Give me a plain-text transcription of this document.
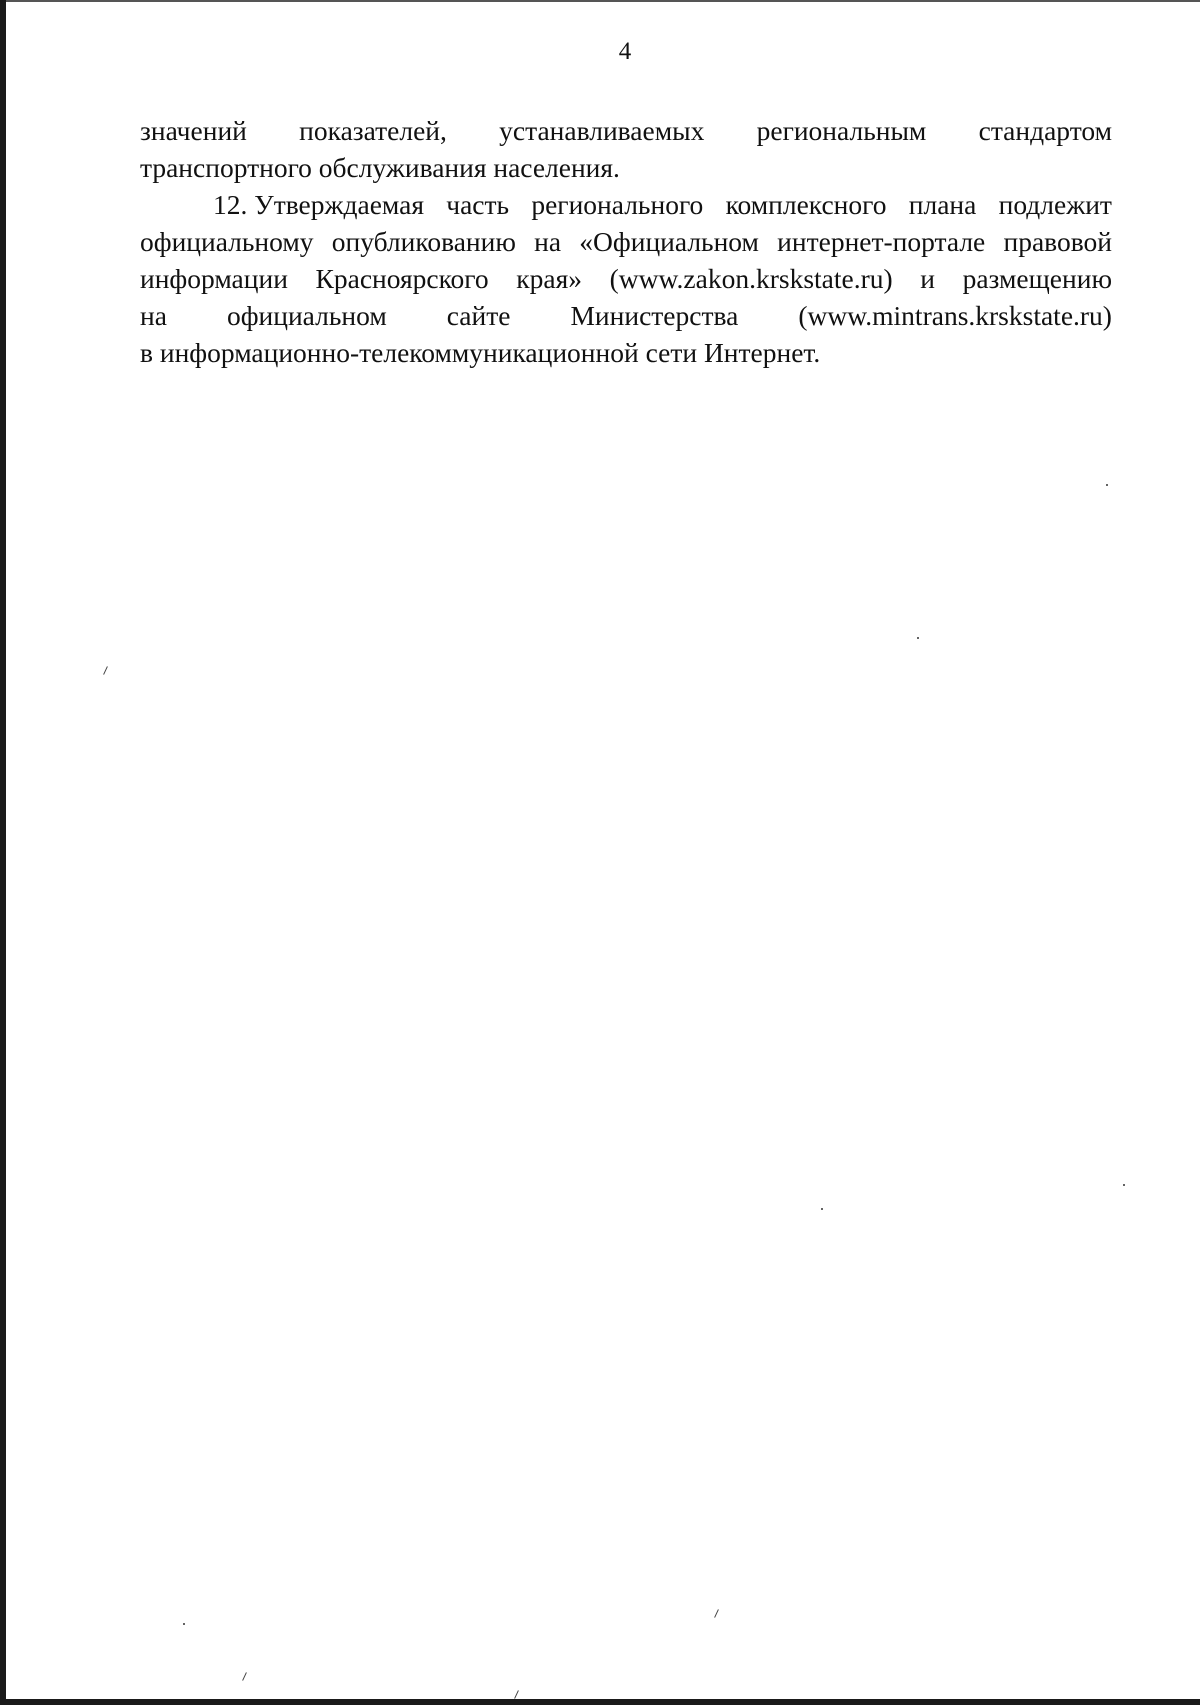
4
значений показателей, устанавливаемых региональным стандартом
транспортного обслуживания населения.
12. Утверждаемая часть регионального комплексного плана подлежит
официальному опубликованию на «Официальном интернет-портале правовой
информации Красноярского края» (www.zakon.krskstate.ru) и размещению
на официальном сайте Министерства (www.mintrans.krskstate.ru)
в информационно-телекоммуникационной сети Интернет.
